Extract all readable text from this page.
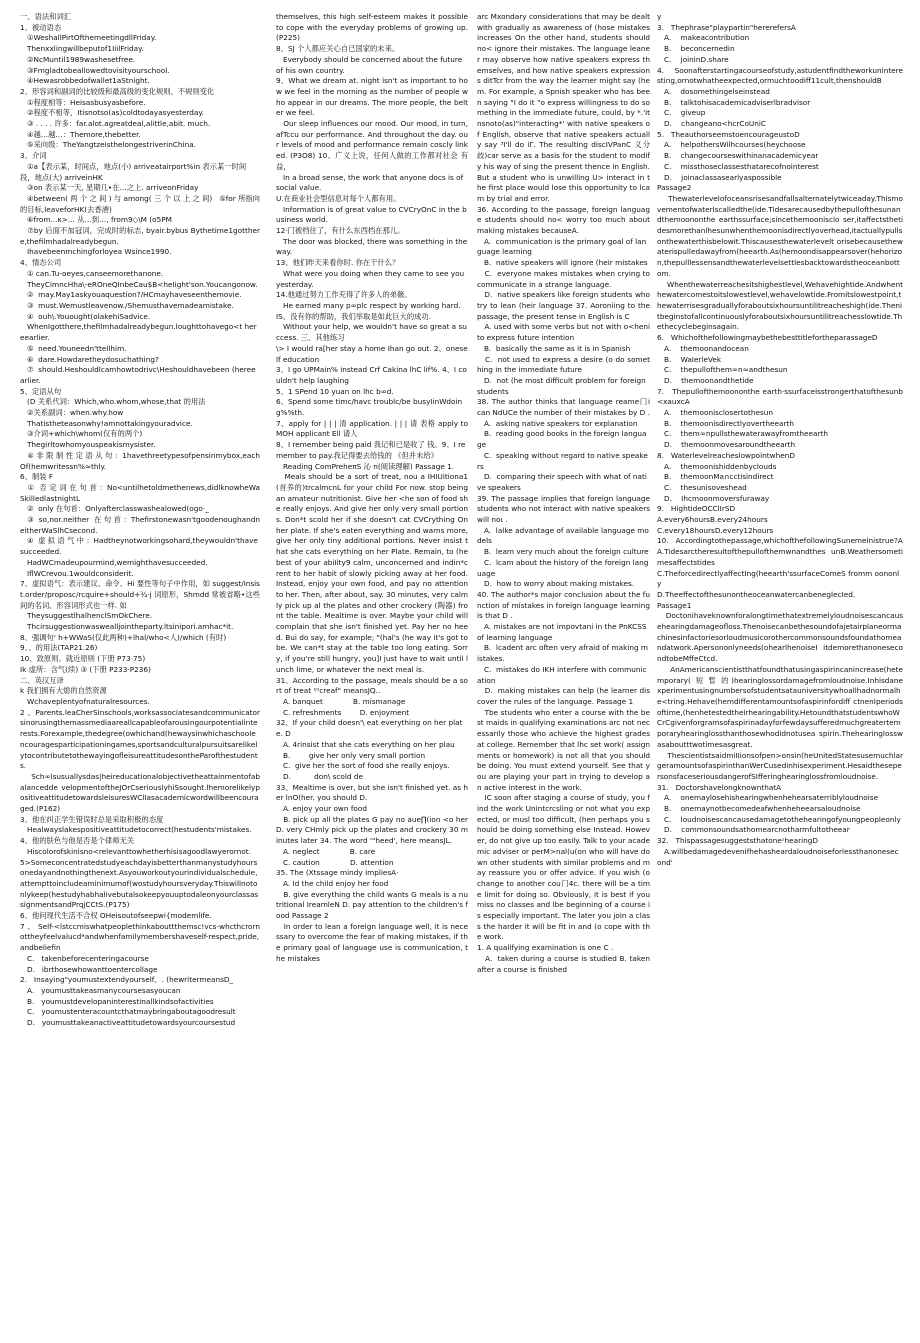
一、语法和词汇
1、被动语态
①WeshallPirtOfthemeetingdllFriday.
Thenxxlingwillbeputof1IiilFriday.
②NcMuntil1989washesetfree.
③Fmgladtobeallowedtovisityourschool.
④Hewasrobbedofwallet1aStnight.
2、形容词和副词的比较级和最高级的变化规则、不规则变化
①程度相等：Heisasbusyasbefore.
②程度不相等，Itisnotso(as)coldtodayasyesterday.
③ . . . . 许多：far.alot.agreatdeal,alittle,abit. much.
④越…越…：Themore,thebetter.
⑤采向级：TheYangtzeisthelongestriverinChina.
3、介词
①a【表示某，时间点，地点(小) arriveatairport%in 表示某一时间段，地点(大) arriveinHK
③on 表示某一天, 星期几•在…之上. arriveonFriday
④between( 两 个 之 间 ) 与 among( 三 个 以 上 之 间)   ⑤for 所指向的目标,leaveforHK(去香港)
⑥from...κ>... 从…到…, from9◇\M (o5PM
⑦by 后面不加冠词，完成时的标志, byair.bybus Bythetime1gotthere,thefilmhadalreadybegun.
Ihavebeenmchingforloyea Wsince1990.
4、情态公司
① can.Tu-oeyes,canseemorethanone.
TheyCimncHha\-eROneQInbeCau$B<heIight'son.Youcangonow.
②  may.May1askyouaquestion?/HCmayhaveseenthemovie.
③  must.Wemustleavenow./Shemusthavemadeamistake.
④  ouh\.Youought(olakehiSadvice.
WhenIgotthere,thefilmhadalreadybegun.loughttohavego<t hereearlier.
⑤  need.Youneedn'ttellhim.
⑥  dare.Howdaretheydosuchathing?
⑦  should.Heshouldlcamhowtodrivc\Heshouldhavebeen (hereearlier.
5、定语从句
(D 关系代词：Which,who.whom,whose,that 的用法
②关系副词：when.why.how
Thatistheteasonwhy!amnottakingyouradvice.
③介词+which\whom(仅有的两个)
Thegirltowhomyouspeakismysister.
④ 非 限 制 性 定 语 从 句 ：1havethreetypesofpensinmybox,eachOf(hemwritessn%≈thly.
6、制装 F
①  否 定 词 在 句 首 ：No<untilhetoldmethenews,didlknowheWaSkilledlastnightL
②  only 在句首：Onlyafterclasswashealowed(ogo·_
③  so,nor.neither  在 句 首 ：Thefirstonewasn'tgoodenoughandneitherWaSlhCsecond.
④  虚 拟 语 气 中 ：Hadtheynotworkingsohard,theywouldn'thavesucceeded.
HadWCmadeupourmind,wemighthavesucceeded.
IflWCrevou.1wouldconsiderit.
7、虚拟语气：表示建议、命令、Hi 要性等句子中作用，如 suggest/insist.order/proposc/rcquire+should+¾·j 词原形，Shmdd 常被省略•这些间的名词、形容词形式也一样. 如
TheysuggestlhalhenclSmOkChere.
Thcirsuggestionwaswealljointheparty.ltsinipori.amhac*it.
8、强调句' h+WWaS(仅此两种)+lhal/who<人)/which (有时)
9、、的用法(TAP21.26)
10、致原则、就近原则 (下册 P73·75)
Ik 虚所：含气(续) ③ (下册 P233·P236)
二、英汉互译
k 我们拥有大熄的自然资源
Wchaveplentyofnaturalresources.
2 、Parents.leaCherSinschools,worksassociatesandcommunicatorsinorusingthemassmediaareallcapableofarousingourpotentialinterests.Forexample,thedegree(owhichand(hewaysinwhichaschoolencouragesparticipationingames,sportsandculturalpursuitsarelikelytocontributetothewayingofleisureattitudesontheParofthestudents.
Sch∞lsusuallysdas|heireducationalobjectivetheattainmentofabalancedde velopmentoftheJOrCseriouslyhiSsought.lhemorelikelypositiveattitudetowardsleisuresWClIasacademicwordwillbeencouraged.(P162)
3、他在纠正学生错误时总是采取积极的态度
Healwayslakespositiveattitudetocorrect(hestudents'mistakes.
4、他的肤色与他是否是个律师无关
Hiscolorofskinisno<relevanttowhetherhisisagoodlawyerornot.
5>Someconcentratedstudyeachdayisbetterthanmanystudyhoursonedayandnothingthenext.Asyouworkoutyourindividualschedule,attempttoincludeaminimumof(wostudyhoursveryday.Thiswillnotonlykeep(hestudyhabhalivebutalsokeepyouuptodaleonyourclassassignmentsandPrqjCCtS.(P175)
6、他问现代生活不合权 OHeisoutofseepwi{modemlife.
7 、 Self-<lstccmiswhatpeoplethinkabouttthemsc!vcs-whcthcrornottheyfeelvalucd*andwhenfamilymembershaveself-respect,pride,andbeliefin
C.   takenbeforecenteringacourse
D.   ibrthosewhowanttoentercollage
2.   Insaying"youmustextendyourself、. (hewritermeansD_
A.   youmusttakeasmanycoursesasyoucan
B.   youmustdevelopaninterestinallkindsofactivities
C.   youmustenteracountcthatmaybringaboutagoodresult
D.   youmusttakeanactiveattitudetowardsyourcoursestud
themselves, this high self-esteem makes it possible to cope with the everyday problems of growing up.(P225)
8、SJ 个人都应关心自已国家的未来。
Everybody should be concerned about the future of his own country.
9、What we dream at. night isn't as important to how we feel in the morning as the number of people who appear in our dreams. The more people, the belter we feel.
Our sleep influences our mood. Our mood, in turn, afTccu our performance. And throughout the day. our levels of mood and performance remain coscly linked. (P3O8) 10、广义上说，任何人做的工作都对社会 有益，
In a broad sense, the work that anyone docs is of social value.
U.在商业社会型信息对每个人都有用。
Information is of great value to CVCryOnC in the business world.
12·门被档住了，有什么东西档在那儿。
The door was blocked, there was something in the way.
13、他们昨天来看你时. 你在干什么？
What were you doing when they came to see you yesterday.
14.他通过努力工作充得了许多人的弟薇。
He earned many p∞plc respect by working hard.
IS、没有你的帮助，我们举取是如此巨大的成功.
Without your help, we wouldn't have so great a success. 三、其他练习
\> I would ra[her stay a home Ihan go out. 2、oneself education
3、I go UPMain% instead Crf Cakina lhC lif%. 4、I couldn't help laughing
5、1 SPend 10 yuan on lhc b∞d.
6、Spend some timc/havc troublc/be busyIinWdoing%%th.
7、apply for | | | 清 application. | | | 请 表格 apply to MOH applicant Ell 请人
8、I remember being paid 我记和已是收了 钱。9、I remember to pay.我记得要去给钱的 《但并未给》
Reading ComPreheπS 沁 n(阅读理解) Passage 1.
Meals should be a sort of treat, nou a IHIUitiona1(首养的)trcalmcnL for your child For now. stop being an amateur nutritionist. Give her <he son of food she really enjoys. And give her only very small portions. Don*t scold her if she doesn't cat CVCrything On her plate. If she's eaten everything and warns more, give her only tiny additional portions. Never insist that she cats everything on her Plate. Remain, to (he best of your abiIity9 calm, unconcerned and indin*crent to her habit of slowly picking away at her food. Instead, enjoy your own food, and pay no attention to her. Then, after about, say. 30 minutes, very calmly pick up al the plates and other crockery (陶器) front the table. Mealtime is over. Maybe your child will complain that she isn't finished yet. Pay her no heed. Bui do say, for example; "(hal's (he way it's got to be. We can*t stay at the table too long eating. Sorry, if you're still hungry, you]I just have to wait until lunch lime, or whatever the next meal is.
31、According to the passage, meals should be a sort of treat ¹⁰creaf" meansJQ..
A. banquet             B. mismanage
C. refreshments        D. enjoyment
32、If your child doesn'\ eat everything on her plate. D
A. 4rinsist that she cats everything on her plau
B.        give her only very small portion
C.  give her the sort of food she really enjoys.
D.          don\ scold de
33、Mealtime is over, but she isn't finished yet. as her lnO(her. you should D.
A. enjoy your own food
B. pick up all the plates G pay no aue∏(ion <o her D. very CHmly pick up the plates and crockery 30 minutes later 34. The word '"heed', here meansJL.
A. neglect             B. care
C. caution             D. attention
35. The (Xtssage mindy impliesA·
A. Id the child enjoy her food
B. give everything the child wants G meals is a nutritional IreamleN D. pay attention to the children's food Passage 2
In order to lean a foreign language well, it is necessary to overcome the fear of making mistakes, if the primary goal of language use is communication, the mistakes
arc Mxondary considerations that may be dealt with gradually as awareness of (hose mistakes increases On the other hand, students should no< ignore their mistakes. The language leaner may observe how native speakers express themselves, and how native speakers expressions ditTcr from the way the learner might say (hem. For example, a Spnish speaker who has been saying "I do it "o express willingness to do something in the immediate future, could, by *.'itnsnoto(as)"interacting*' with native speakers of English, observe that native speakers actually say ³I'll do iΓ. The resulting discIVPanC 义分歧)car serve as a basis for the student to modify his way of sing the present thence in English. But a student who is unwilling U> interact in the first place would lose this opportunity to lcam by trial and error.
36. According to the passage, foreign language students should no< worry too much about making mistakes becauseA.
A.  communication is the primary goal of language learning
B.  native speakers will ignore (heir mistakes
C.  everyone makes mistakes when crying to communicate in a strange language.
D.  native speakers like foreign students who try to lean (heir language 37. Aoroniing to the passage, the present tense in English is C
A. used with some verbs but not with o<heni to express future intention
B.  basically the same as it is in Spanish
C.  not used to express a desire (o do something in the immediate future
D.  not (he most difficult problem for foreign students
38. The author thinks that language reame门i can NdUCe the number of their mistakes by D .
A.  asking native speakers tor explanation
B.  reading good books in the foreign language
C.  speaking without regard to native speakers
D.  comparing their speech with what of native speakers
39. The passage implies that foreign language students who not interact with native speakers will noι .
A.  lalke advantage of available language models
B.  leam very much about the foreign culture
C.  lcam about the history of the foreign language
D.  how to worry about making mistakes.
40. The author*s major conclusion about the function of mistakes in foreign language learning is that D .
A. mistakes are not impovtani in the PnKCSS of learning language
B.  lcadent arc often very afraid of making mistakes.
C.  mistakes do IKH interfere with communication
D.  making mistakes can help (he learner discover the rules of the language. Passage 1
Tbe students who enter a course with the best maids in qualifying examinations arc not necessarily those who achieve the highest grades at college. Remember that lhc set work( assignments or homework) is not all that you should be doing. You must extend yourself. See that you are playing your part in trying to develop an active interest in the work.
IC soon after staging a course of study, you find the work Unintcrcsling or not what you expected, or musl too difficult, (hen perhaps you should be doing something else Instead. However, do not give up too easily. Talk to your academic adviser or perM>nal(u(on who will have down other students with similar problems and may reassure you or offer advice. If you wish (o change to another cou门4c. there will be a time limit for doing so. Obviously, it is best if you miss no classes and lbe beginning of a course is especially important. The later you join a class the harder it will be fit in and (o cope with the work.
1. A qualifying examination is one C .
A.  taken during a course is studied B. taken after a course is finished
y
3.   Thephrase"playpartin"hererefersA
A.    makeacontribution
B.    beconcernedin
C.    joininD.share
4.   Soonafterstartingacourseofstudy,astudentfindtheworkuninteresting,ornotwhatheexpected,ormuchtoodiff11cult,thenshouldB
A.    dosomethingelseinstead
B.    talktohisacademicadviserlbradvisor
C.    giveup
D.    changeano<hcrCoUniC
5.   TheauthorseemstoencourageustoD
A.    helpothersWilhcourses(heychoose
B.    changecourseswithinanacademicyear
C.    missthoseclassesthatarecofnointerest
D.    joinaclassasearlyaspossible
Passage2
Thewaterlevelofoceansrisesandfallsalternatelytwiceaday.Thismovementofwaterlscalledthe(ide.Tidesarecausedbythepullofthesunandthemoononthe earthssurface;sincethemoonisclo ser,itaffectsthetidesmorethanlhesunwhenthemoonisdirectlyoverhead,itactuallypullsonthewaterthisbelowit.Thiscausesthewaterlevelt orisebecausethewaterispulledawayfrom(heearth.As(hemoondisappearsover(hehorizon,thepulllessensandthewaterlevelsettlesbacktowardstheoceanbottom.
Whenthewaterreachesitshighestlevel,Wehavehightide.Andwhenthewatercomestoitslowestlevel,wehavelowtide.Fromitslowestpoint,thewaterrisesgraduallyforaboutsixhoursuntilitreacheshigh(ide.Thenitbeginstofallcontinuouslyforaboutsixhoursuntilitreachesslowtide.Thethecyclebeginsagain.
6.   WhichofthefollowingmaybethebesttitlefortheparassageD
A.    themoonandocean
B.    WaIerleVek
C.    thepullofthem∞n≈andthesun
D.    themoonandthetide
7.   Thepullofthemoononthe earth·ssurfaceisstrongerthatofthesunb<xauxcA
A.    themoonisclosertothesun
B.    themoonisdirectlyovertheearth
C.    them∞npullsthewaterawayfromtheearth
D.    themoonmovesaroundtheearth
8.   WaterlevelreacheslowpointwhenD
A.    themoonishiddenbyclouds
B.    themoonMa∩cctisindirect
C.    thesunisoveshead
D.    Ihcmoonmoversfuraway
9.   HightideOCClIrSD
A.every6hoursB.every24hours
C.every18hoursD.every12hours
10.   Accordingtothepassage,whichofthefollowingSunemelnistrue?A
A.Tidesarctheresultofthepullofthemwnandthes unB.Weathersometimesaffectstides
C.TheforcedirectlyaffectIng(heearth'ssurfaceComeS fromm oononly
D.TheeffectofthesunontheoceanwatercanbeneglecIed.
Passage1
Doctonihaveknownforalongtimethatextremelyloudnoisescancausehearingdamageofloss.Thenoisecanbethesoundofajetairplaneormachinesinfactoriesorloudmusicorothercommonsoundsfoundathomeandatwork.Apersononlyneeds(ohearlhenoiseI itdemorethanonesecondtobeMffeCtcd.
AnAmericanscientistthatfoundthatusingaspirincanincrease(hetemporary(  短  暂  的 )hearinglossordamagefromloudnoise.Inhisdanexperimentusingnumbersofstudentsatauniversitywhoallhadnormalhe<tring.Hehave(hemdifferentamountsofaspirinfordiff ctnenIperiodsoftime,(henhetestedtheirhearingability.HetoundthatstudentswhoWCrCgivenforgramsofaspirinadayforfewdaysufferedmuchgreatertemporaryhearinglossthanthosewhodidnotusea spirin.Thehearinglosswasaboutttwotimesasgreat.
ThescientistsaidmiIIionsofpen>onsin(heUnitedStatesusemuchlargeramountsofaspirinthanWerCusedinhisexperiment.HesaidthesepersonsfaceseriousdangerofSIfferinghearinglossfromloudnoise.
31.   DoctorshavelongknownthatA
A.    onemaylosehishearingwhenhehearsaterriblyloudnoise
B.    onemaynotbecomedeafwhenheheearsaloudnoise
C.    loudnoisescancausedamagetothehearingofyoungpeopleonly
D.    commonsoundsathomearcnotharmfultotheear
32.   ThispassagesuggeststhatoneˢhearingD
A.willbedamagedevenifhehasheardaloudnoiseforlessthanonesecond'
